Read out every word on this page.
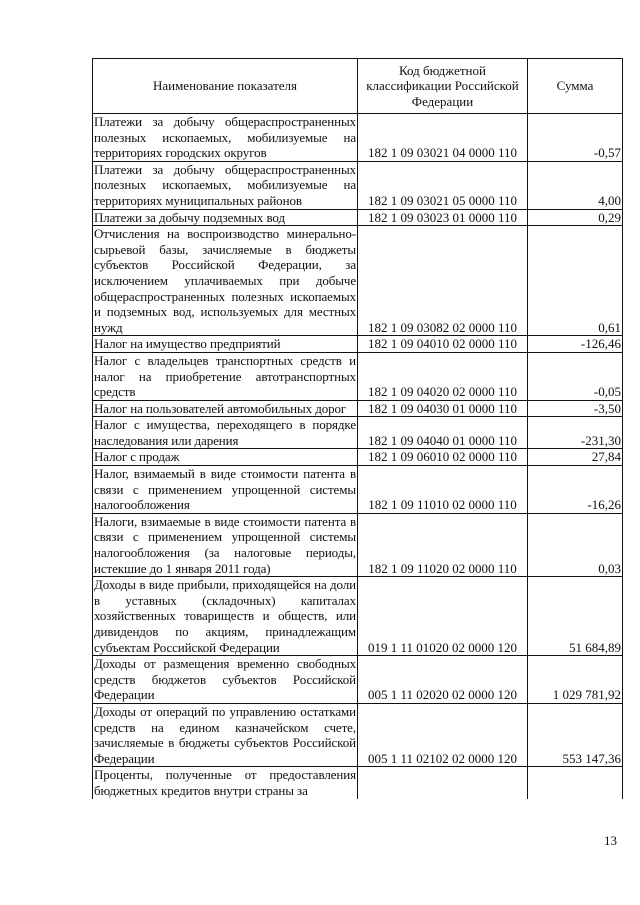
Наименование показателя	Код бюджетной классификации Российской Федерации	Сумма
Платежи за добычу общераспространенных полезных ископаемых, мобилизуемые на территориях городских округов	182 1 09 03021 04 0000 110	-0,57
Платежи за добычу общераспространенных полезных ископаемых, мобилизуемые на территориях муниципальных районов	182 1 09 03021 05 0000 110	4,00
Платежи за добычу подземных вод	182 1 09 03023 01 0000 110	0,29
Отчисления на воспроизводство минерально-сырьевой базы, зачисляемые в бюджеты субъектов Российской Федерации, за исключением уплачиваемых при добыче общераспространенных полезных ископаемых и подземных вод, используемых для местных нужд	182 1 09 03082 02 0000 110	0,61
Налог на имущество предприятий	182 1 09 04010 02 0000 110	-126,46
Налог с владельцев транспортных средств и налог на приобретение автотранспортных средств	182 1 09 04020 02 0000 110	-0,05
Налог на пользователей автомобильных дорог	182 1 09 04030 01 0000 110	-3,50
Налог с имущества, переходящего в порядке наследования или дарения	182 1 09 04040 01 0000 110	-231,30
Налог с продаж	182 1 09 06010 02 0000 110	27,84
Налог, взимаемый в виде стоимости патента в связи с применением упрощенной системы налогообложения	182 1 09 11010 02 0000 110	-16,26
Налоги, взимаемые в виде стоимости патента в связи с применением упрощенной системы налогообложения (за налоговые периоды, истекшие до 1 января 2011 года)	182 1 09 11020 02 0000 110	0,03
Доходы в виде прибыли, приходящейся на доли в уставных (складочных) капиталах хозяйственных товариществ и обществ, или дивидендов по акциям, принадлежащим субъектам Российской Федерации	019 1 11 01020 02 0000 120	51 684,89
Доходы от размещения временно свободных средств бюджетов субъектов Российской Федерации	005 1 11 02020 02 0000 120	1 029 781,92
Доходы от операций по управлению остатками средств на едином казначейском счете, зачисляемые в бюджеты субъектов Российской Федерации	005 1 11 02102 02 0000 120	553 147,36
Проценты, полученные от предоставления бюджетных кредитов внутри страны за		
13
